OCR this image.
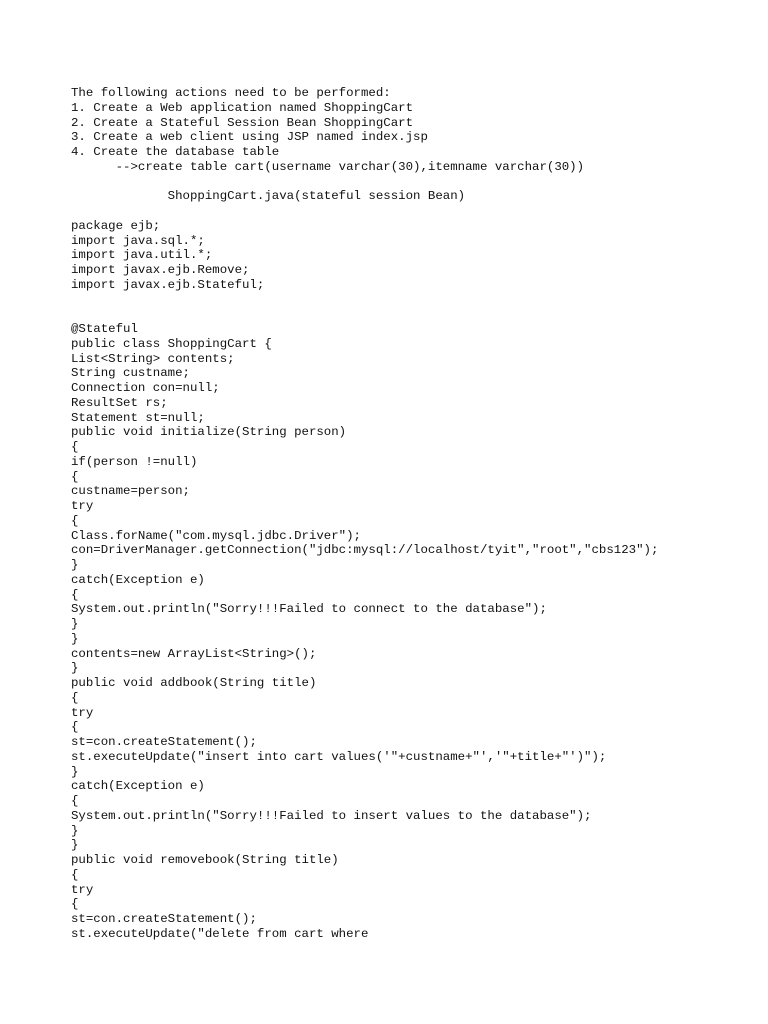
The following actions need to be performed:
1. Create a Web application named ShoppingCart
2. Create a Stateful Session Bean ShoppingCart
3. Create a web client using JSP named index.jsp
4. Create the database table
-->create table cart(username varchar(30),itemname varchar(30))
ShoppingCart.java(stateful session Bean)
package ejb;
import java.sql.*;
import java.util.*;
import javax.ejb.Remove;
import javax.ejb.Stateful;
@Stateful
public class ShoppingCart {
List<String> contents;
String custname;
Connection con=null;
ResultSet rs;
Statement st=null;
public void initialize(String person)
{
if(person !=null)
{
custname=person;
try
{
Class.forName("com.mysql.jdbc.Driver");
con=DriverManager.getConnection("jdbc:mysql://localhost/tyit","root","cbs123");
}
catch(Exception e)
{
System.out.println("Sorry!!!Failed to connect to the database");
}
}
contents=new ArrayList<String>();
}
public void addbook(String title)
{
try
{
st=con.createStatement();
st.executeUpdate("insert into cart values('"+custname+"','"+title+"')");
}
catch(Exception e)
{
System.out.println("Sorry!!!Failed to insert values to the database");
}
}
public void removebook(String title)
{
try
{
st=con.createStatement();
st.executeUpdate("delete from cart where
